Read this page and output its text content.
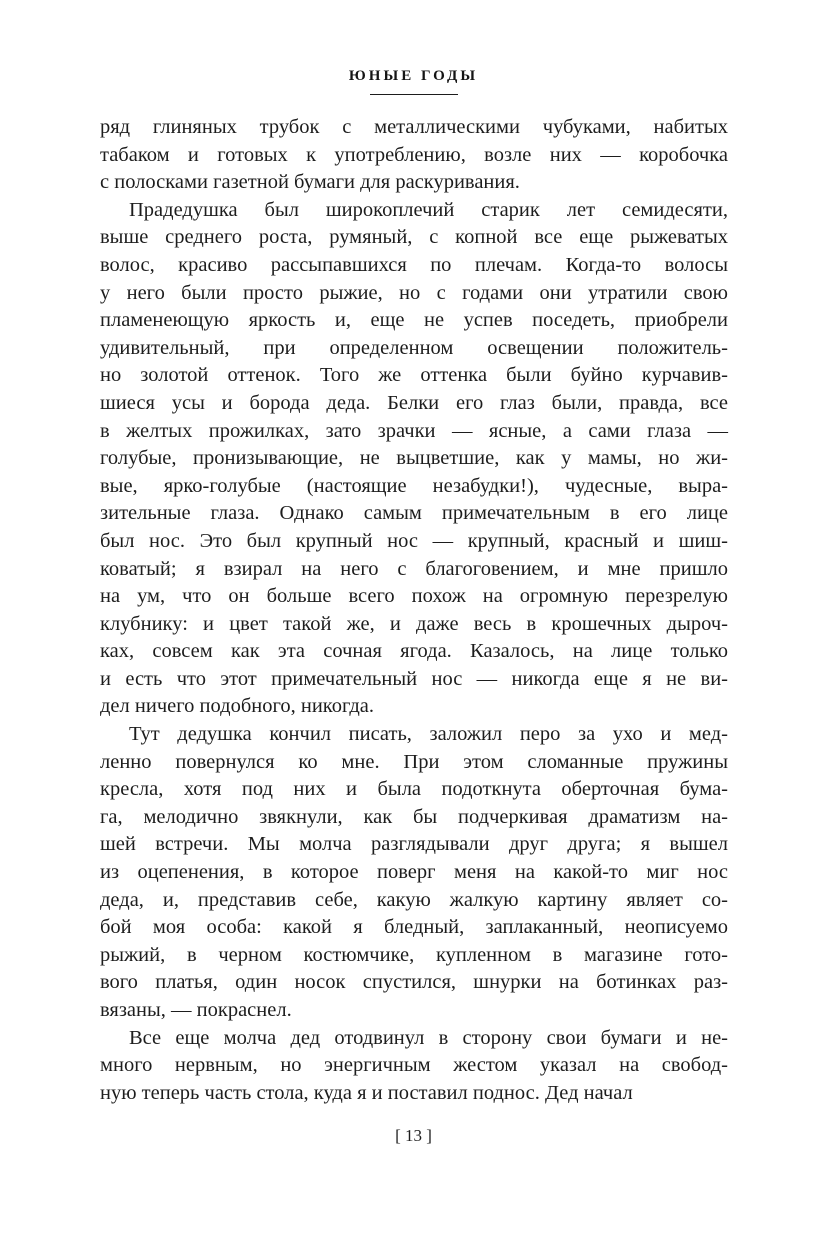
ЮНЫЕ ГОДЫ
ряд глиняных трубок с металлическими чубуками, набитых
табаком и готовых к употреблению, возле них — коробочка
с полосками газетной бумаги для раскуривания.
Прадедушка был широкоплечий старик лет семидесяти,
выше среднего роста, румяный, с копной все еще рыжеватых
волос, красиво рассыпавшихся по плечам. Когда-то волосы
у него были просто рыжие, но с годами они утратили свою
пламенеющую яркость и, еще не успев поседеть, приобрели
удивительный, при определенном освещении положитель-
но золотой оттенок. Того же оттенка были буйно курчавив-
шиеся усы и борода деда. Белки его глаз были, правда, все
в желтых прожилках, зато зрачки — ясные, а сами глаза —
голубые, пронизывающие, не выцветшие, как у мамы, но жи-
вые, ярко-голубые (настоящие незабудки!), чудесные, выра-
зительные глаза. Однако самым примечательным в его лице
был нос. Это был крупный нос — крупный, красный и шиш-
коватый; я взирал на него с благоговением, и мне пришло
на ум, что он больше всего похож на огромную перезрелую
клубнику: и цвет такой же, и даже весь в крошечных дыроч-
ках, совсем как эта сочная ягода. Казалось, на лице только
и есть что этот примечательный нос — никогда еще я не ви-
дел ничего подобного, никогда.
Тут дедушка кончил писать, заложил перо за ухо и мед-
ленно повернулся ко мне. При этом сломанные пружины
кресла, хотя под них и была подоткнута оберточная бума-
га, мелодично звякнули, как бы подчеркивая драматизм на-
шей встречи. Мы молча разглядывали друг друга; я вышел
из оцепенения, в которое поверг меня на какой-то миг нос
деда, и, представив себе, какую жалкую картину являет со-
бой моя особа: какой я бледный, заплаканный, неописуемо
рыжий, в черном костюмчике, купленном в магазине гото-
вого платья, один носок спустился, шнурки на ботинках раз-
вязаны, — покраснел.
Все еще молча дед отодвинул в сторону свои бумаги и не-
много нервным, но энергичным жестом указал на свобод-
ную теперь часть стола, куда я и поставил поднос. Дед начал
[ 13 ]
